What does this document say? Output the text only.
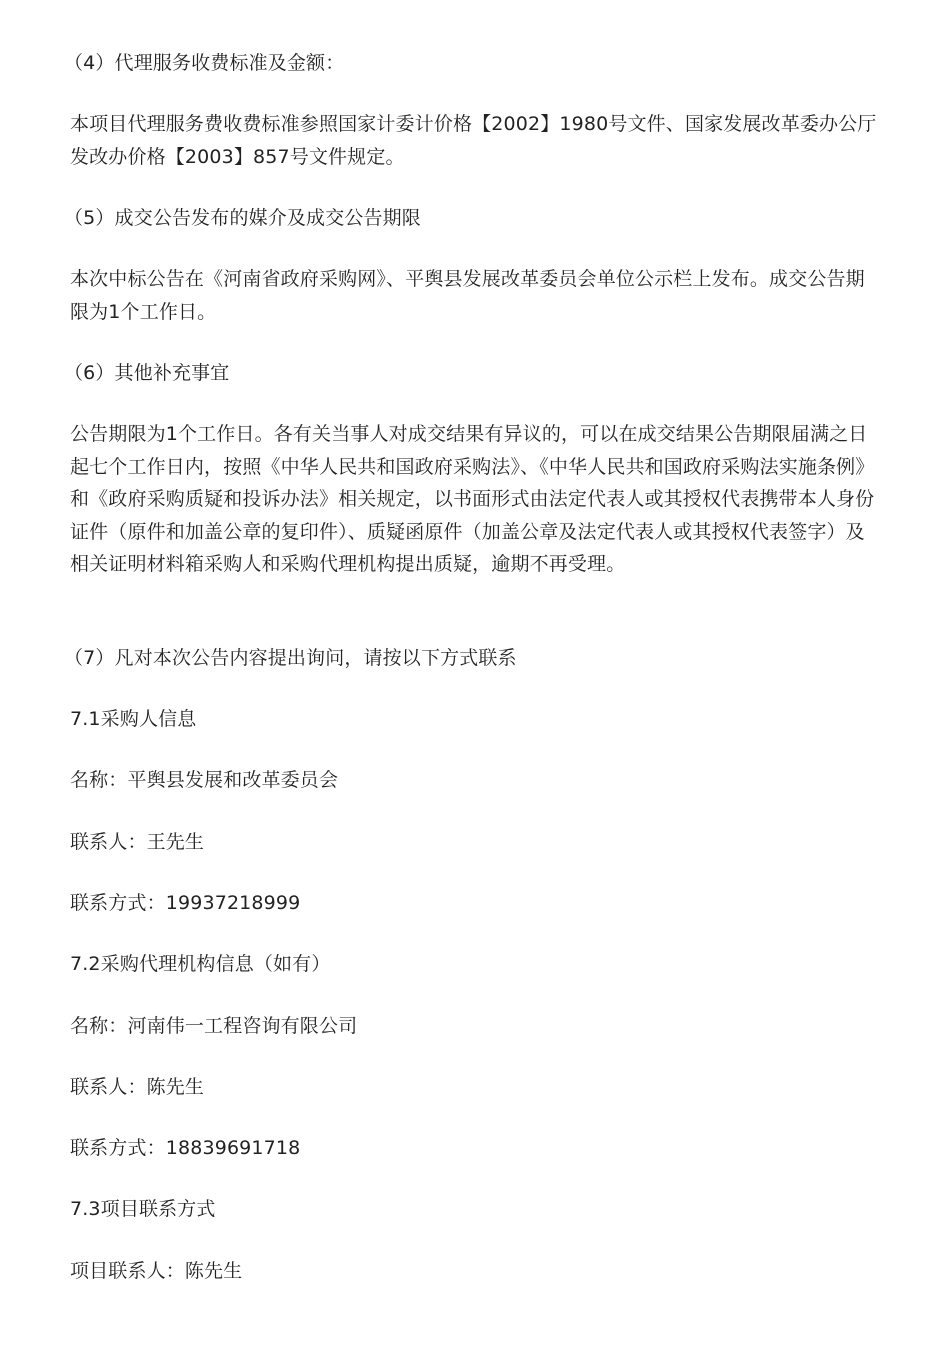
（4）代理服务收费标准及金额：

本项目代理服务费收费标准参照国家计委计价格【2002】1980号文件、国家发展改革委办公厅发改办价格【2003】857号文件规定。

（5）成交公告发布的媒介及成交公告期限

本次中标公告在《河南省政府采购网》、平舆县发展改革委员会单位公示栏上发布。成交公告期限为1个工作日。

（6）其他补充事宜

公告期限为1个工作日。各有关当事人对成交结果有异议的，可以在成交结果公告期限届满之日起七个工作日内，按照《中华人民共和国政府采购法》、《中华人民共和国政府采购法实施条例》和《政府采购质疑和投诉办法》相关规定，以书面形式由法定代表人或其授权代表携带本人身份证件（原件和加盖公章的复印件）、质疑函原件（加盖公章及法定代表人或其授权代表签字）及相关证明材料箱采购人和采购代理机构提出质疑，逾期不再受理。

（7）凡对本次公告内容提出询问，请按以下方式联系

7.1采购人信息

名称：平舆县发展和改革委员会

联系人：王先生

联系方式：19937218999

7.2采购代理机构信息（如有）

名称：河南伟一工程咨询有限公司

联系人：陈先生

联系方式：18839691718

7.3项目联系方式

项目联系人：陈先生
